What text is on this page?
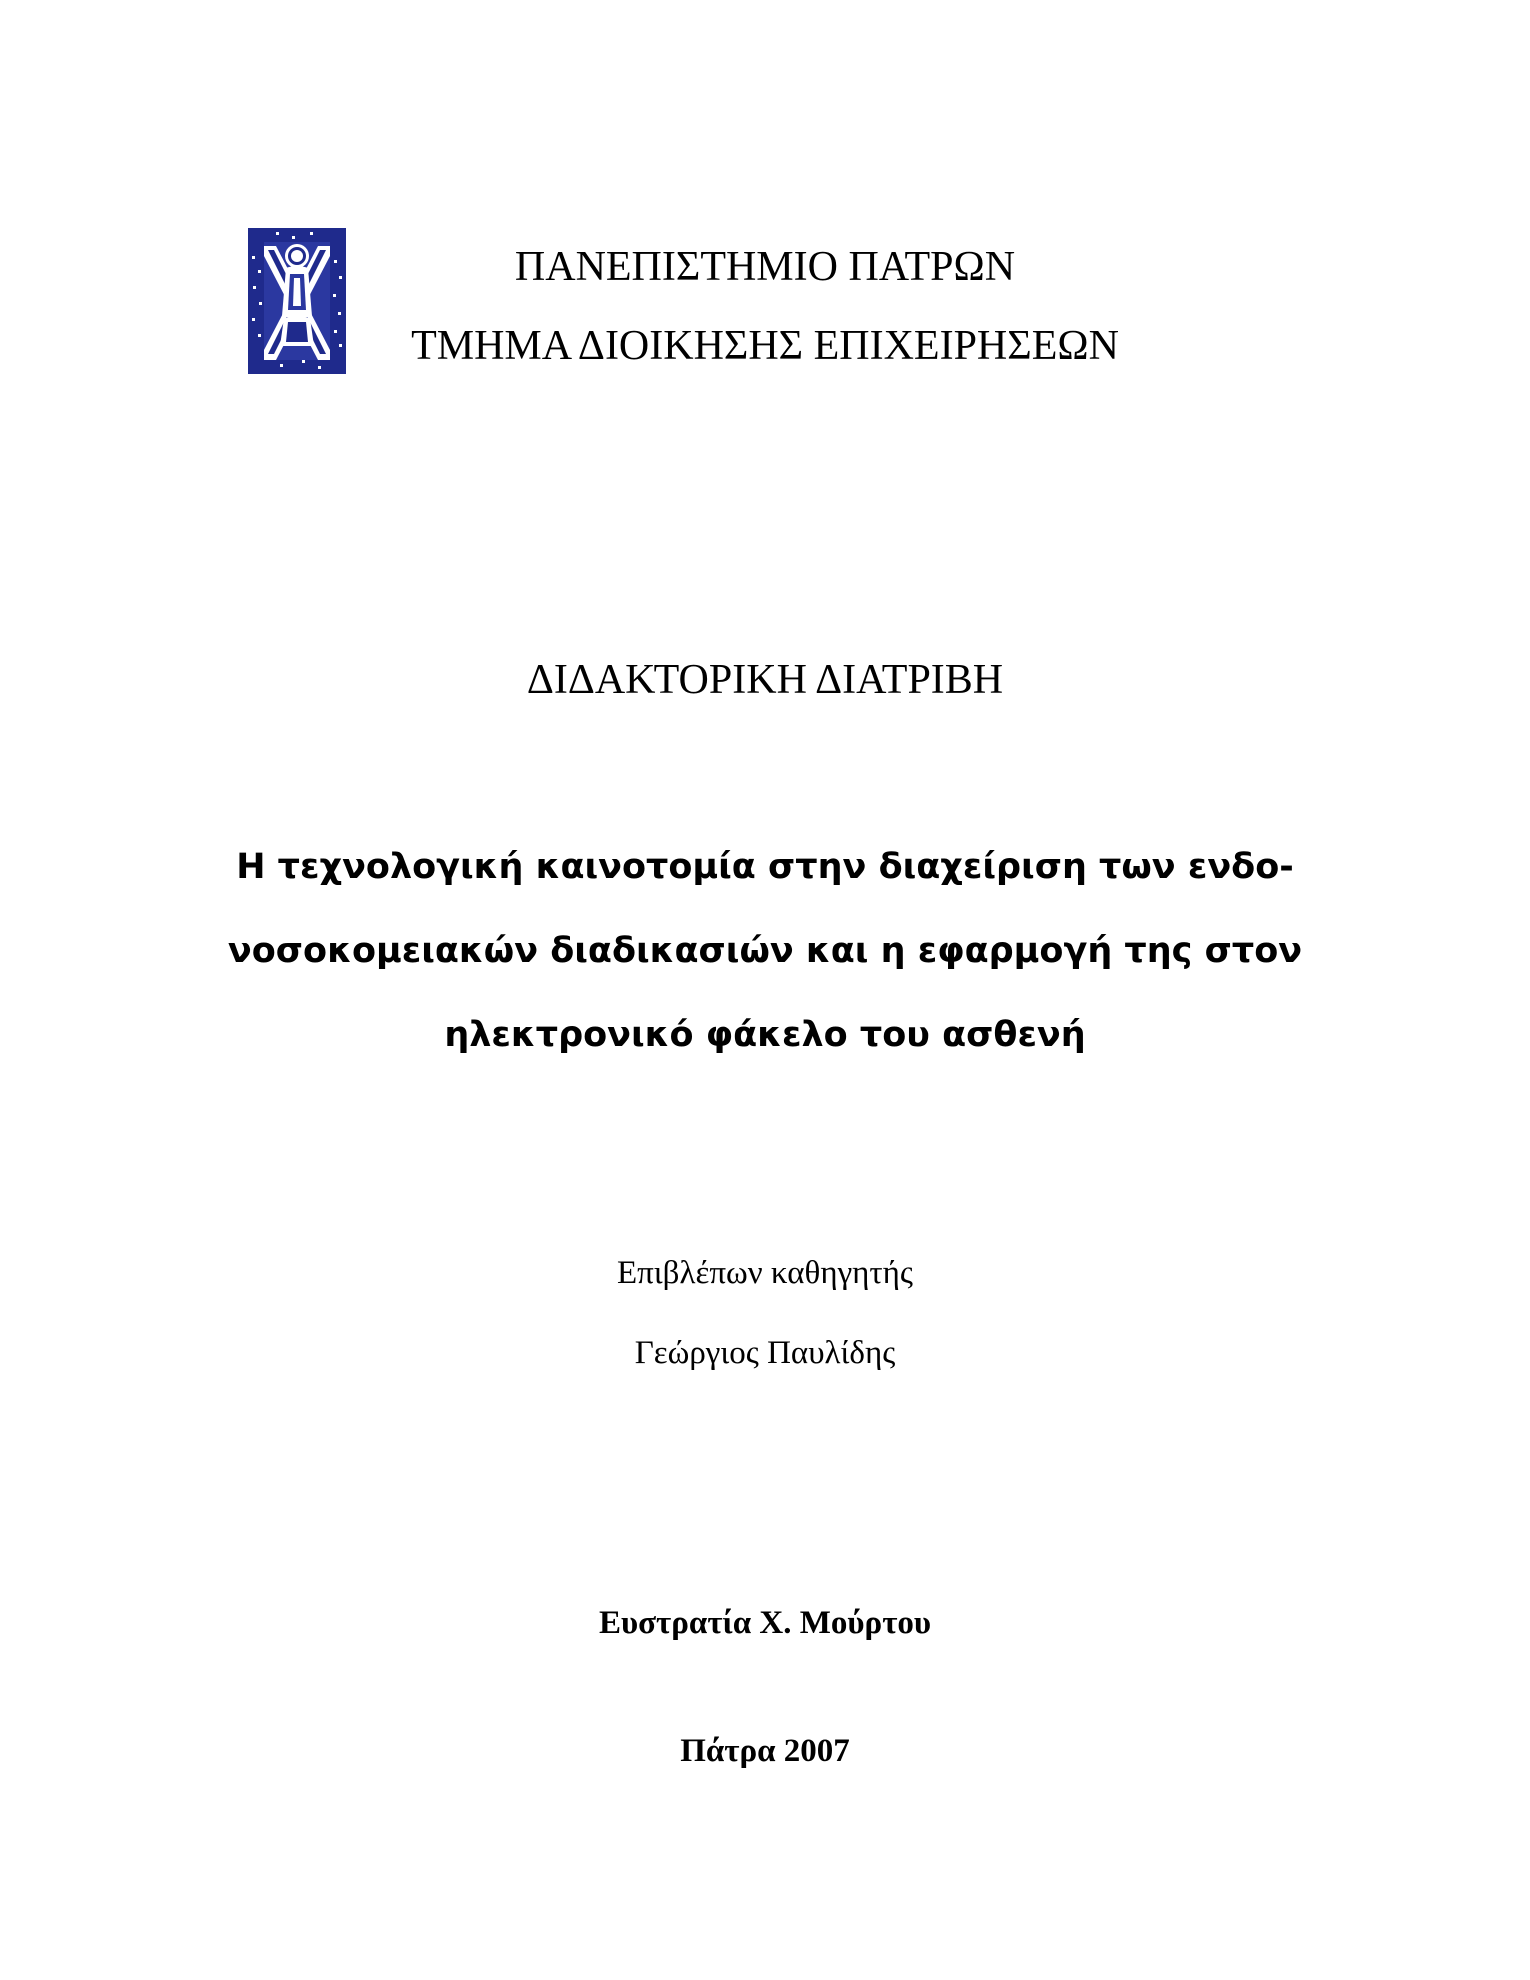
ΠΑΝΕΠΙΣΤΗΜΙΟ ΠΑΤΡΩΝ
ΤΜΗΜΑ ΔΙΟΙΚΗΣΗΣ ΕΠΙΧΕΙΡΗΣΕΩΝ
ΔΙΔΑΚΤΟΡΙΚΗ ΔΙΑΤΡΙΒΗ
Η τεχνολογική καινοτομία στην διαχείριση των ενδο-
νοσοκομειακών διαδικασιών και η εφαρμογή της στον
ηλεκτρονικό φάκελο του ασθενή
Επιβλέπων καθηγητής
Γεώργιος Παυλίδης
Ευστρατία Χ. Μούρτου
Πάτρα 2007
